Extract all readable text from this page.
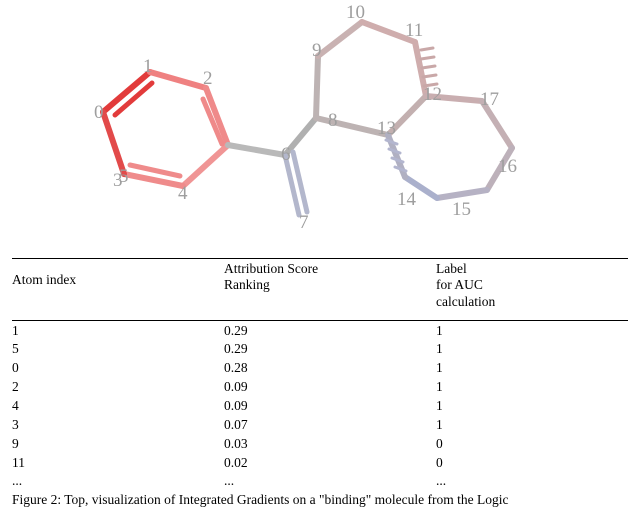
0
1
2
3
4
5
6
7
8
9
10
11
12
13
14 15
16
17
Atom index

Attribution Score
Ranking

Label
for AUC
calculation

1	0.29	1
5	0.29	1
0	0.28	1
2	0.09	1
4	0.09	1
3	0.07	1
9	0.03	0
11	0.02	0
...	...	...
Figure 2: Top, visualization of Integrated Gradients on a "binding" molecule from the Logic
